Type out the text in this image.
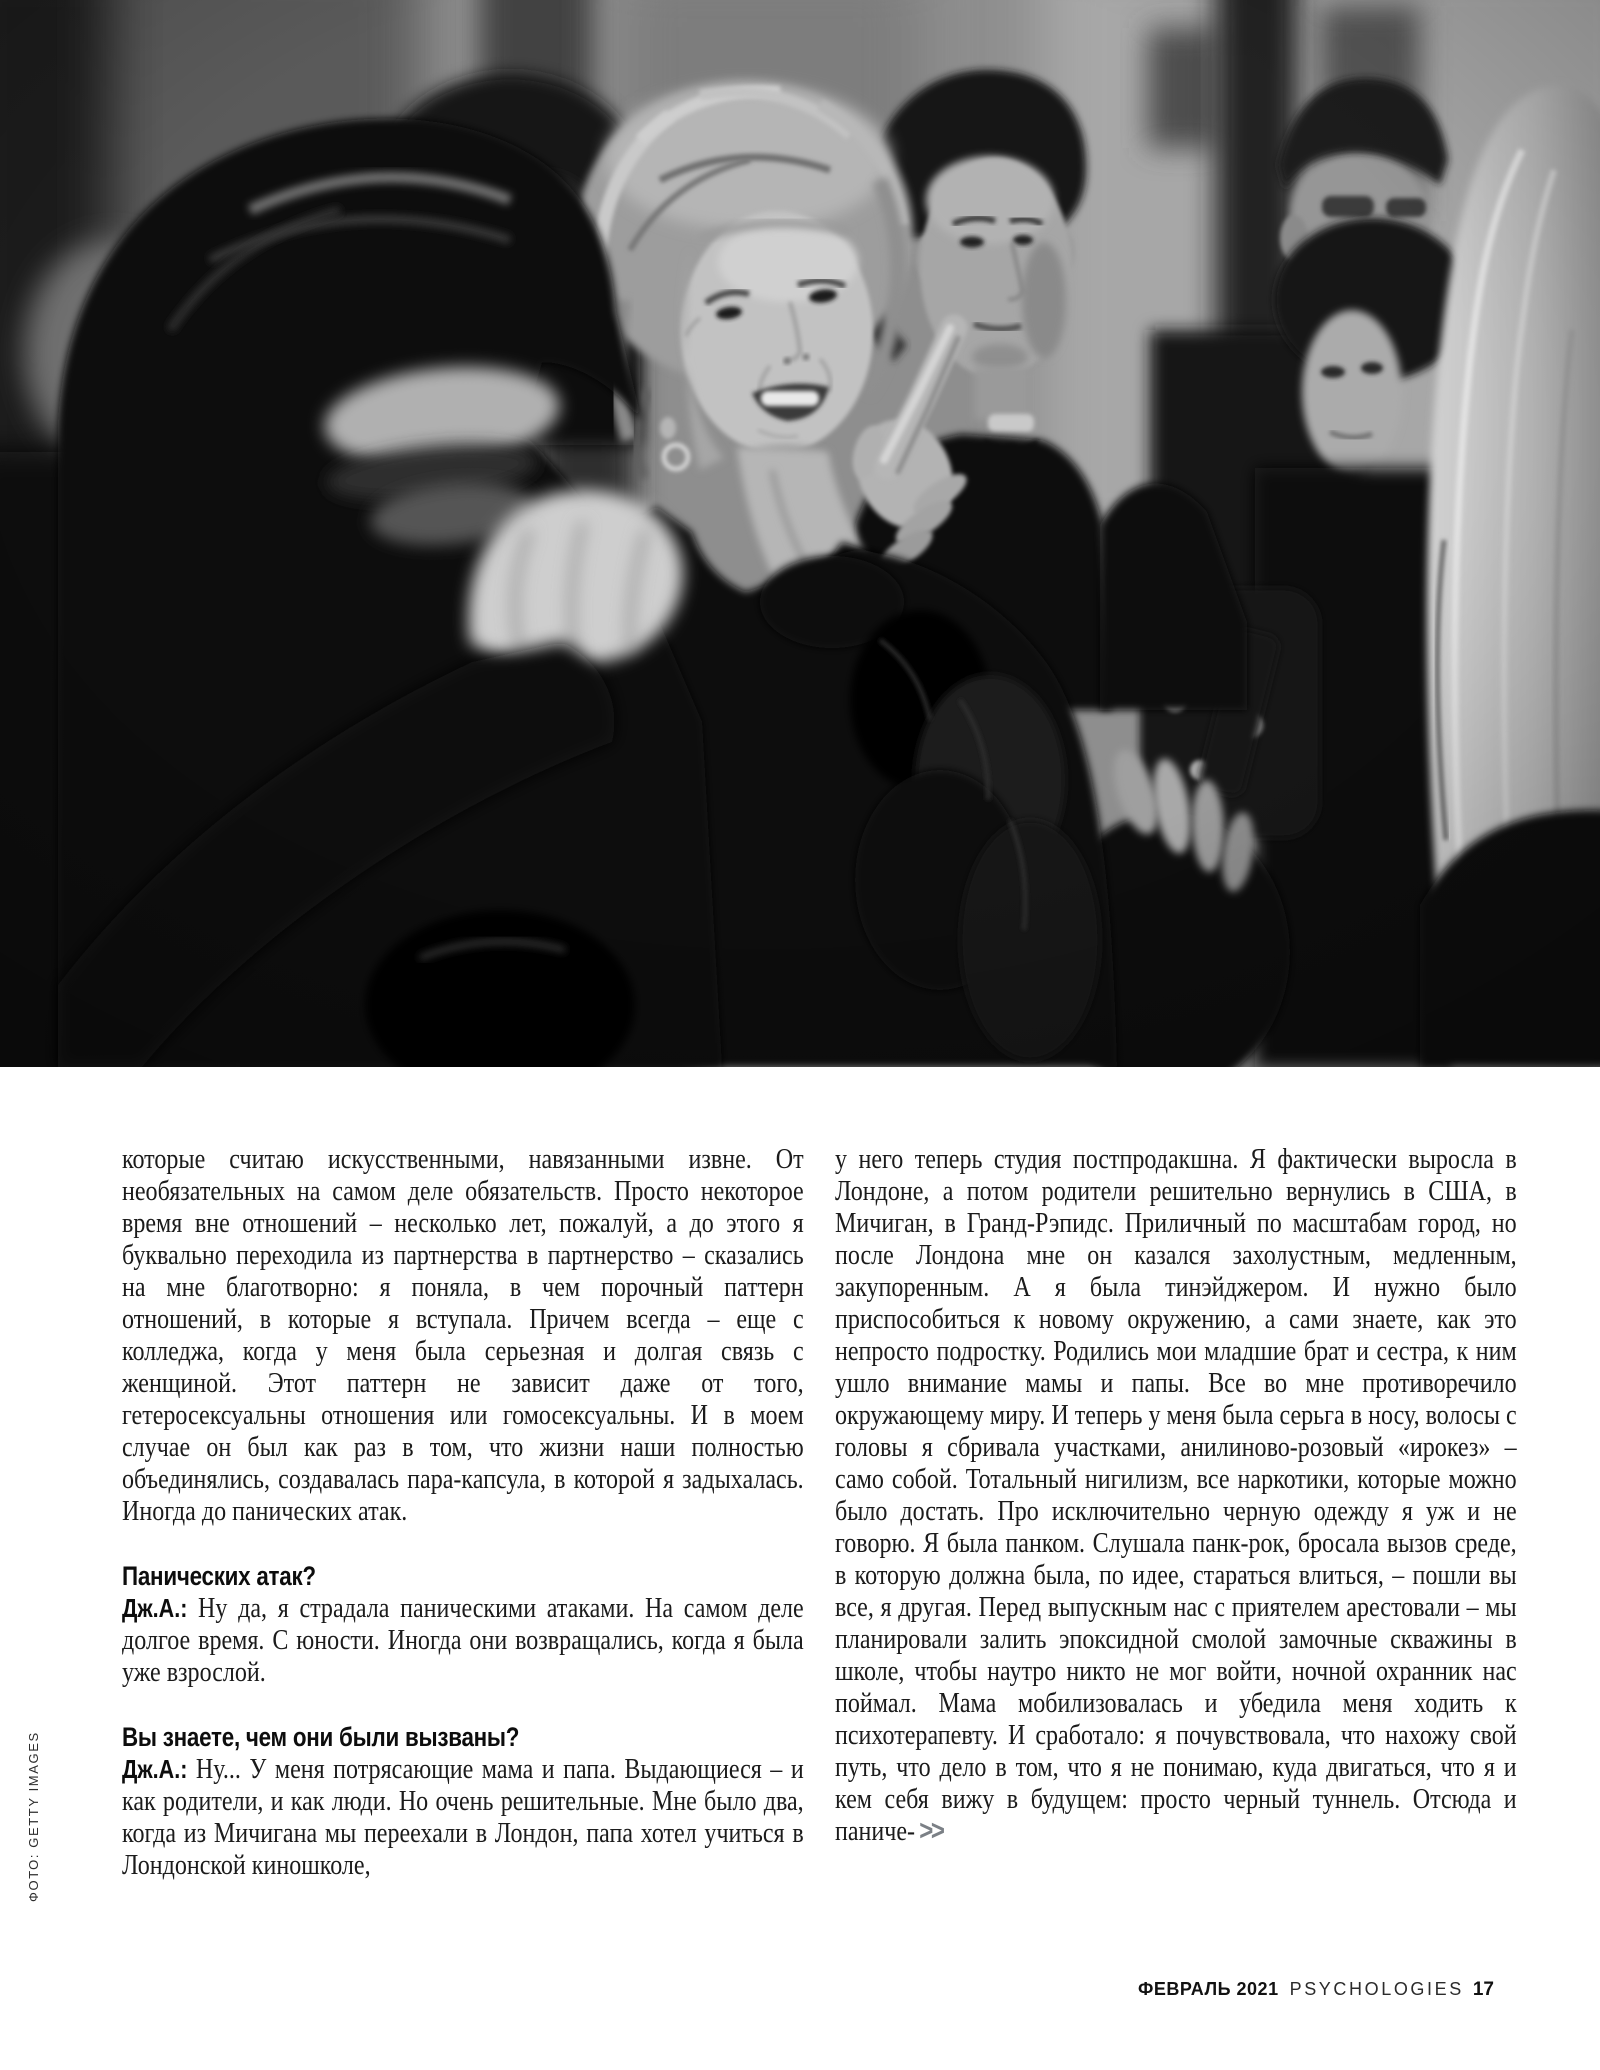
которые считаю искусственными, навязанными извне. От необязательных на самом деле обязательств. Просто некоторое время вне отношений – несколько лет, пожалуй, а до этого я буквально переходила из партнерства в партнерство – сказались на мне благотворно: я поняла, в чем порочный паттерн отношений, в которые я вступала. Причем всегда – еще с колледжа, когда у меня была серьезная и долгая связь с женщиной. Этот паттерн не зависит даже от того, гетеросексуальны отношения или гомосексуальны. И в моем случае он был как раз в том, что жизни наши полностью объединялись, создавалась пара-капсула, в которой я задыхалась. Иногда до панических атак.

Панических атак?

Дж.А.: Ну да, я страдала паническими атаками. На самом деле долгое время. С юности. Иногда они возвращались, когда я была уже взрослой.

Вы знаете, чем они были вызваны?

Дж.А.: Ну... У меня потрясающие мама и папа. Выдающиеся – и как родители, и как люди. Но очень решительные. Мне было два, когда из Мичигана мы переехали в Лондон, папа хотел учиться в Лондонской киношколе,

у него теперь студия постпродакшна. Я фактически выросла в Лондоне, а потом родители решительно вернулись в США, в Мичиган, в Гранд-Рэпидс. Приличный по масштабам город, но после Лондона мне он казался захолустным, медленным, закупоренным. А я была тинэйджером. И нужно было приспособиться к новому окружению, а сами знаете, как это непросто подростку. Родились мои младшие брат и сестра, к ним ушло внимание мамы и папы. Все во мне противоречило окружающему миру. И теперь у меня была серьга в носу, волосы с головы я сбривала участками, анилиново-розовый «ирокез» – само собой. Тотальный нигилизм, все наркотики, которые можно было достать. Про исключительно черную одежду я уж и не говорю. Я была панком. Слушала панк-рок, бросала вызов среде, в которую должна была, по идее, стараться влиться, – пошли вы все, я другая. Перед выпускным нас с приятелем арестовали – мы планировали залить эпоксидной смолой замочные скважины в школе, чтобы наутро никто не мог войти, ночной охранник нас поймал. Мама мобилизовалась и убедила меня ходить к психотерапевту. И сработало: я почувствовала, что нахожу свой путь, что дело в том, что я не понимаю, куда двигаться, что я и кем себя вижу в будущем: просто черный туннель. Отсюда и паниче- >>

ФОТО: GETTY IMAGES
ФЕВРАЛЬ 2021 PSYCHOLOGIES 17
